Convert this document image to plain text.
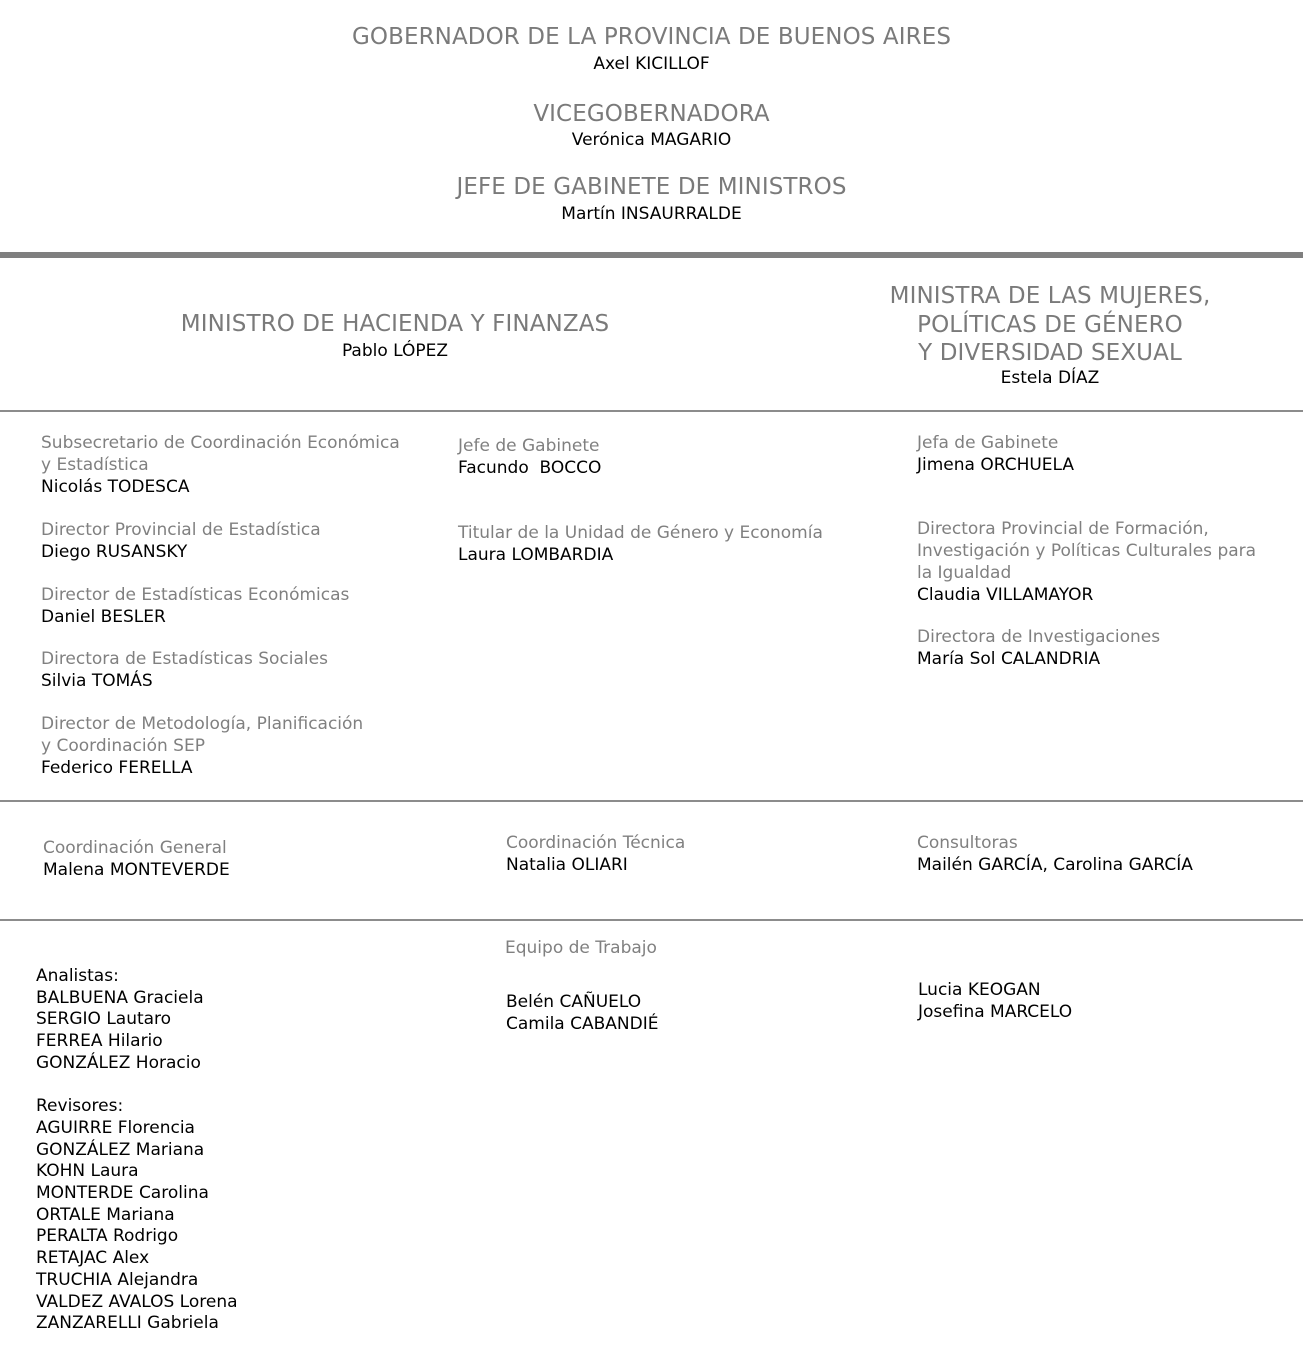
GOBERNADOR DE LA PROVINCIA DE BUENOS AIRES
Axel KICILLOF
VICEGOBERNADORA
Verónica MAGARIO
JEFE DE GABINETE DE MINISTROS
Martín INSAURRALDE
MINISTRO DE HACIENDA Y FINANZAS
Pablo LÓPEZ
MINISTRA DE LAS MUJERES,
POLÍTICAS DE GÉNERO
Y DIVERSIDAD SEXUAL
Estela DÍAZ
Subsecretario de Coordinación Económica
y Estadística
Nicolás TODESCA
Director Provincial de Estadística
Diego RUSANSKY
Director de Estadísticas Económicas
Daniel BESLER
Directora de Estadísticas Sociales
Silvia TOMÁS
Director de Metodología, Planificación
y Coordinación SEP
Federico FERELLA
Jefe de Gabinete
Facundo  BOCCO
Titular de la Unidad de Género y Economía
Laura LOMBARDIA
Jefa de Gabinete
Jimena ORCHUELA
Directora Provincial de Formación,
Investigación y Políticas Culturales para
la Igualdad
Claudia VILLAMAYOR
Directora de Investigaciones
María Sol CALANDRIA
Coordinación General
Malena MONTEVERDE
Coordinación Técnica
Natalia OLIARI
Consultoras
Mailén GARCÍA, Carolina GARCÍA
Equipo de Trabajo
Analistas:
BALBUENA Graciela
SERGIO Lautaro
FERREA Hilario
GONZÁLEZ Horacio
Revisores:
AGUIRRE Florencia
GONZÁLEZ Mariana
KOHN Laura
MONTERDE Carolina
ORTALE Mariana
PERALTA Rodrigo
RETAJAC Alex
TRUCHIA Alejandra
VALDEZ AVALOS Lorena
ZANZARELLI Gabriela
Belén CAÑUELO
Camila CABANDIÉ
Lucia KEOGAN
Josefina MARCELO
